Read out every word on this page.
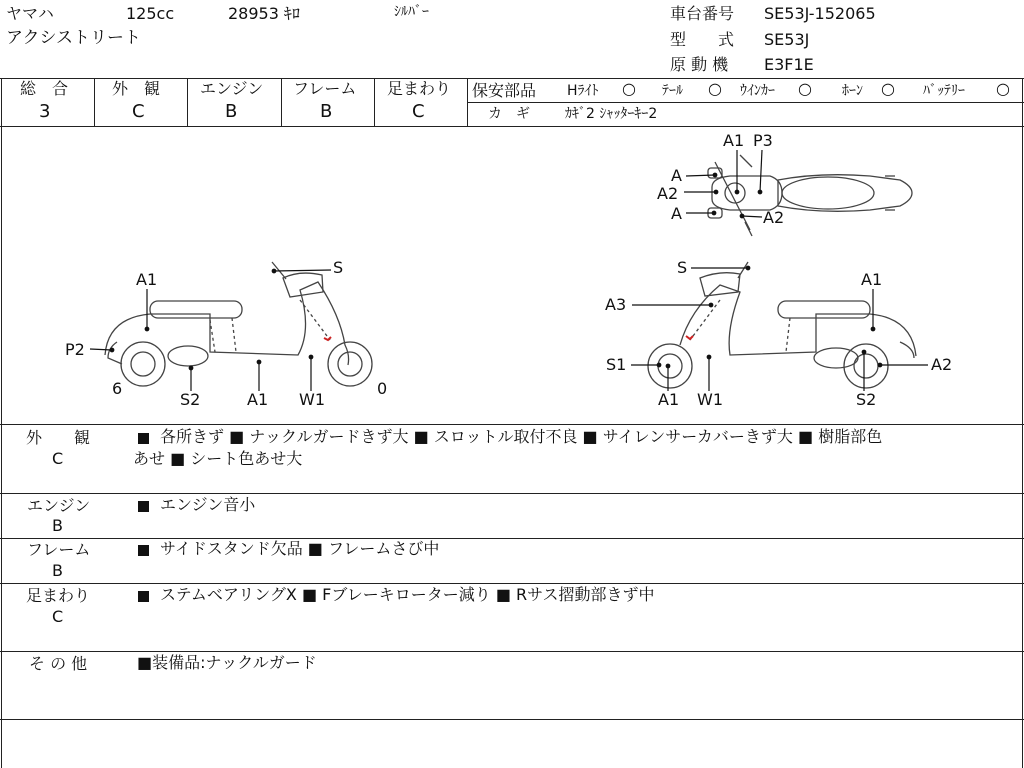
ヤマハ	125cc	28953 ｷﾛ	ｼﾙﾊﾞｰ
アクシストリート
車台番号 SE53J-152065
型　　式 SE53J
原 動 機 E3F1E
総　合
3
外　観
C
エンジン
B
フレーム
B
足まわり
C
保安部品 Hﾗｲﾄ ○ ﾃｰﾙ ○ ｳｲﾝｶｰ ○ ﾎｰﾝ ○ ﾊﾞｯﾃﾘｰ ○
カ　ギ	ｶｷﾞ2 ｼｬｯﾀｰｷｰ2
A1 P3
A
A2
A	A2
S
A1
P2
6
S2	A1 W1
0
S
A3
A1
S1
A1 W1
A2
S2
外　　観
C
各所きず ■ ナックルガードきず大 ■ スロットル取付不良 ■ サイレンサーカバーきず大 ■ 樹脂部色
あせ ■ シート色あせ大
エンジン
B
エンジン音小
フレーム
B
サイドスタンド欠品 ■ フレームさび中
足まわり
C
ステムベアリングX ■ Fブレーキローター減り ■ Rサス摺動部きず中
そ の 他	■装備品:ナックルガード
